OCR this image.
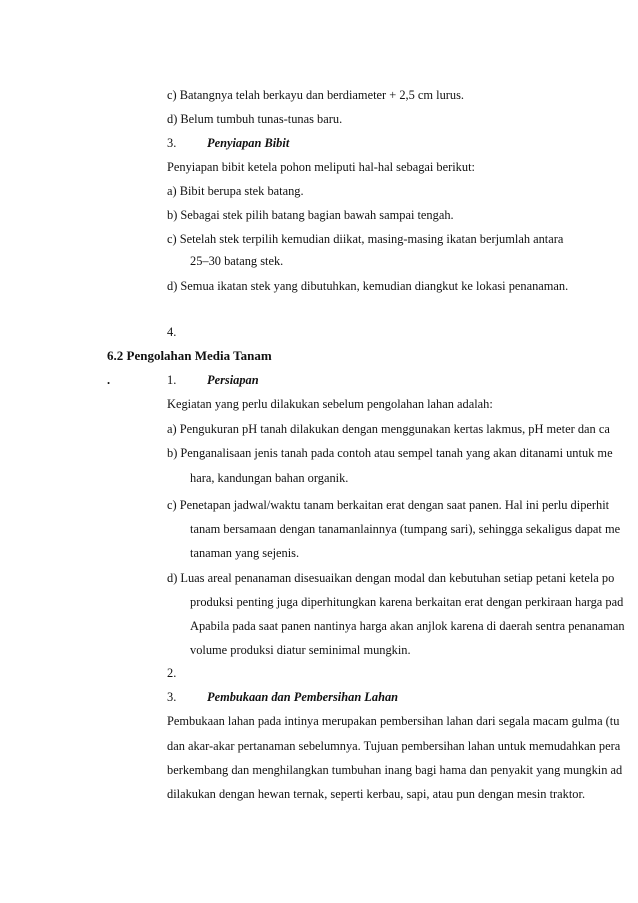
c) Batangnya telah berkayu dan berdiameter + 2,5 cm lurus.
d) Belum tumbuh tunas-tunas baru.
3. Penyiapan Bibit
Penyiapan bibit ketela pohon meliputi hal-hal sebagai berikut:
a) Bibit berupa stek batang.
b) Sebagai stek pilih batang bagian bawah sampai tengah.
c) Setelah stek terpilih kemudian diikat, masing-masing ikatan berjumlah antara
25–30 batang stek.
d) Semua ikatan stek yang dibutuhkan, kemudian diangkut ke lokasi penanaman.
4.
6.2 Pengolahan Media Tanam
.	1. Persiapan
Kegiatan yang perlu dilakukan sebelum pengolahan lahan adalah:
a) Pengukuran pH tanah dilakukan dengan menggunakan kertas lakmus, pH meter dan ca
b) Penganalisaan jenis tanah pada contoh atau sempel tanah yang akan ditanami untuk me
hara, kandungan bahan organik.
c) Penetapan jadwal/waktu tanam berkaitan erat dengan saat panen. Hal ini perlu diperhit
tanam bersamaan dengan tanamanlainnya (tumpang sari), sehingga sekaligus dapat me
tanaman yang sejenis.
d) Luas areal penanaman disesuaikan dengan modal dan kebutuhan setiap petani ketela po
produksi penting juga diperhitungkan karena berkaitan erat dengan perkiraan harga pad
Apabila pada saat panen nantinya harga akan anjlok karena di daerah sentra penanaman
volume produksi diatur seminimal mungkin.
2.
3. Pembukaan dan Pembersihan Lahan
Pembukaan lahan pada intinya merupakan pembersihan lahan dari segala macam gulma (tu
dan akar-akar pertanaman sebelumnya. Tujuan pembersihan lahan untuk memudahkan pera
berkembang dan menghilangkan tumbuhan inang bagi hama dan penyakit yang mungkin ad
dilakukan dengan hewan ternak, seperti kerbau, sapi, atau pun dengan mesin traktor.
